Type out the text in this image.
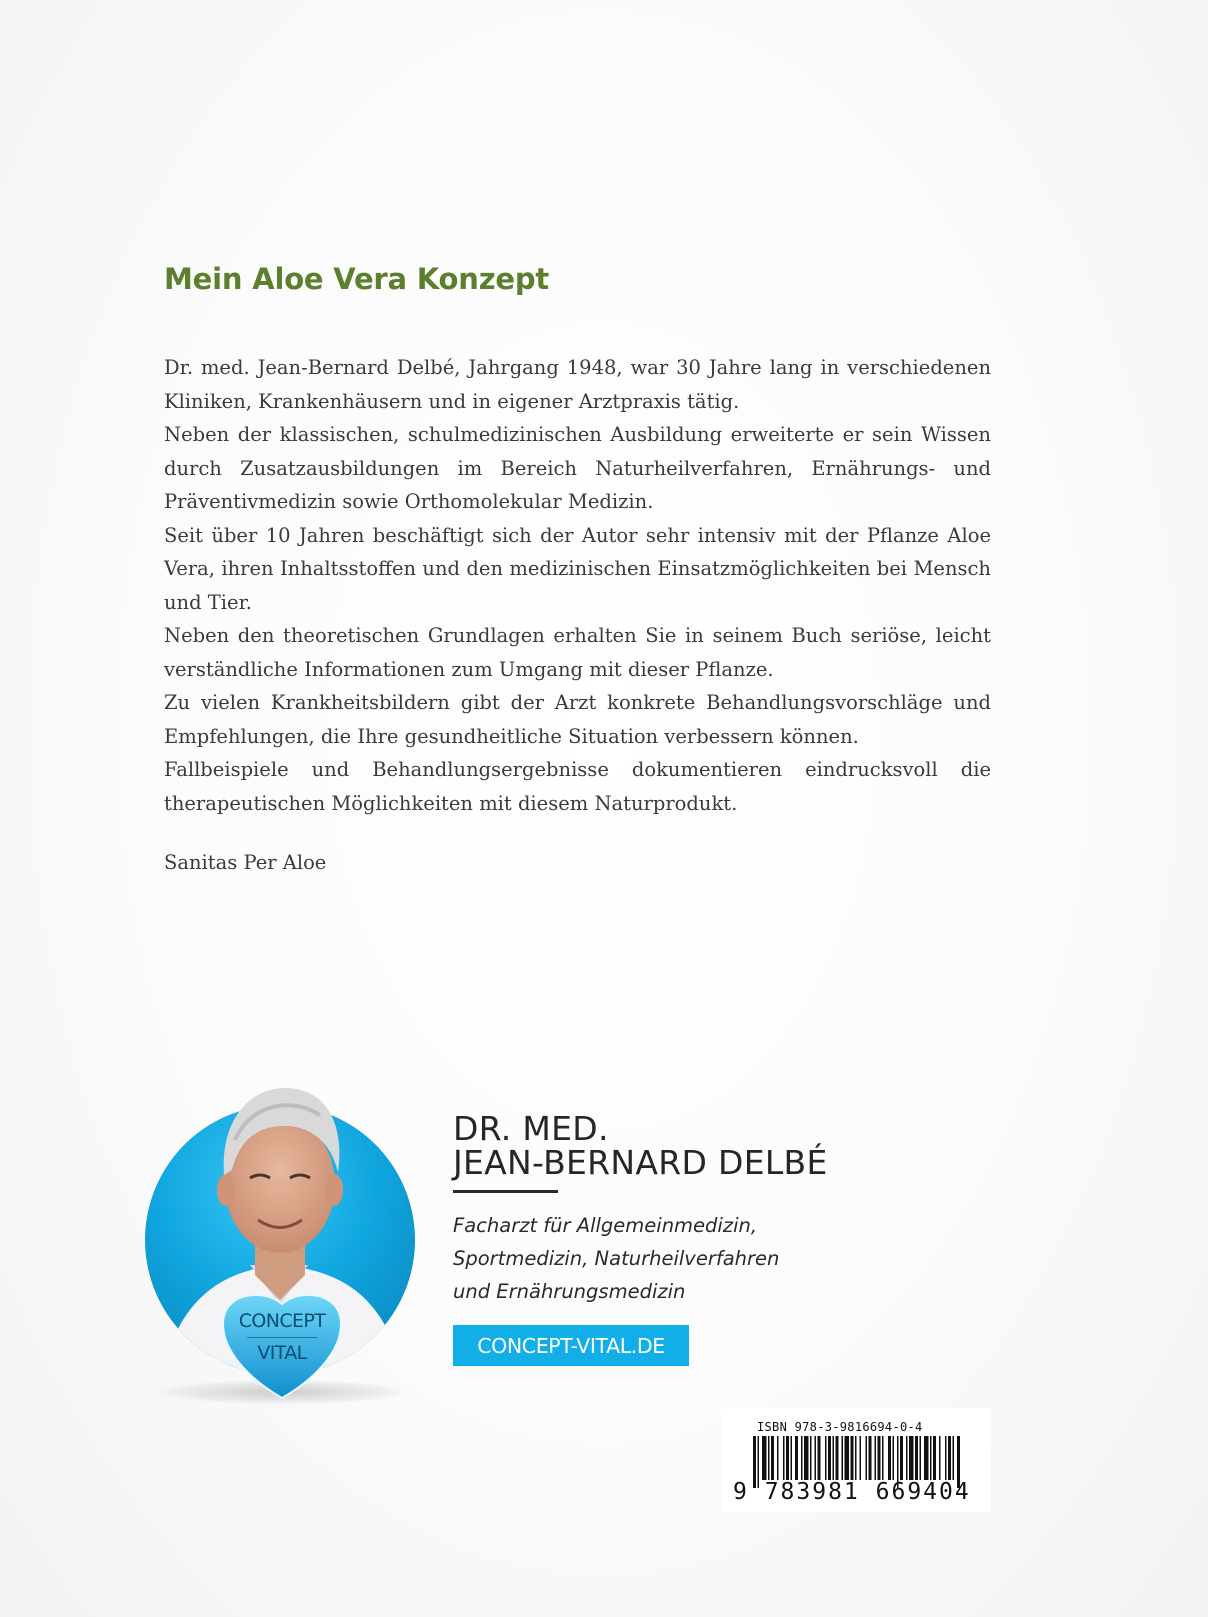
Mein Aloe Vera Konzept

Dr. med. Jean-Bernard Delbé, Jahrgang 1948, war 30 Jahre lang in verschiedenen Kliniken, Krankenhäusern und in eigener Arztpraxis tätig.

Neben der klassischen, schulmedizinischen Ausbildung erweiterte er sein Wissen durch Zusatzausbildungen im Bereich Naturheilverfahren, Ernährungs- und Präventivmedizin sowie Orthomolekular Medizin.

Seit über 10 Jahren beschäftigt sich der Autor sehr intensiv mit der Pflanze Aloe Vera, ihren Inhaltsstoffen und den medizinischen Einsatzmöglichkeiten bei Mensch und Tier.

Neben den theoretischen Grundlagen erhalten Sie in seinem Buch seriöse, leicht verständliche Informationen zum Umgang mit dieser Pflanze.

Zu vielen Krankheitsbildern gibt der Arzt konkrete Behandlungsvorschläge und Empfehlungen, die Ihre gesundheitliche Situation verbessern können.

Fallbeispiele und Behandlungsergebnisse dokumentieren eindrucksvoll die therapeutischen Möglichkeiten mit diesem Naturprodukt.

Sanitas Per Aloe
CONCEPT
VITAL
DR. MED.
JEAN-BERNARD DELBÉ
Facharzt für Allgemeinmedizin,
Sportmedizin, Naturheilverfahren
und Ernährungsmedizin
CONCEPT-VITAL.DE
ISBN 978-3-9816694-0-4
9 783981 669404
